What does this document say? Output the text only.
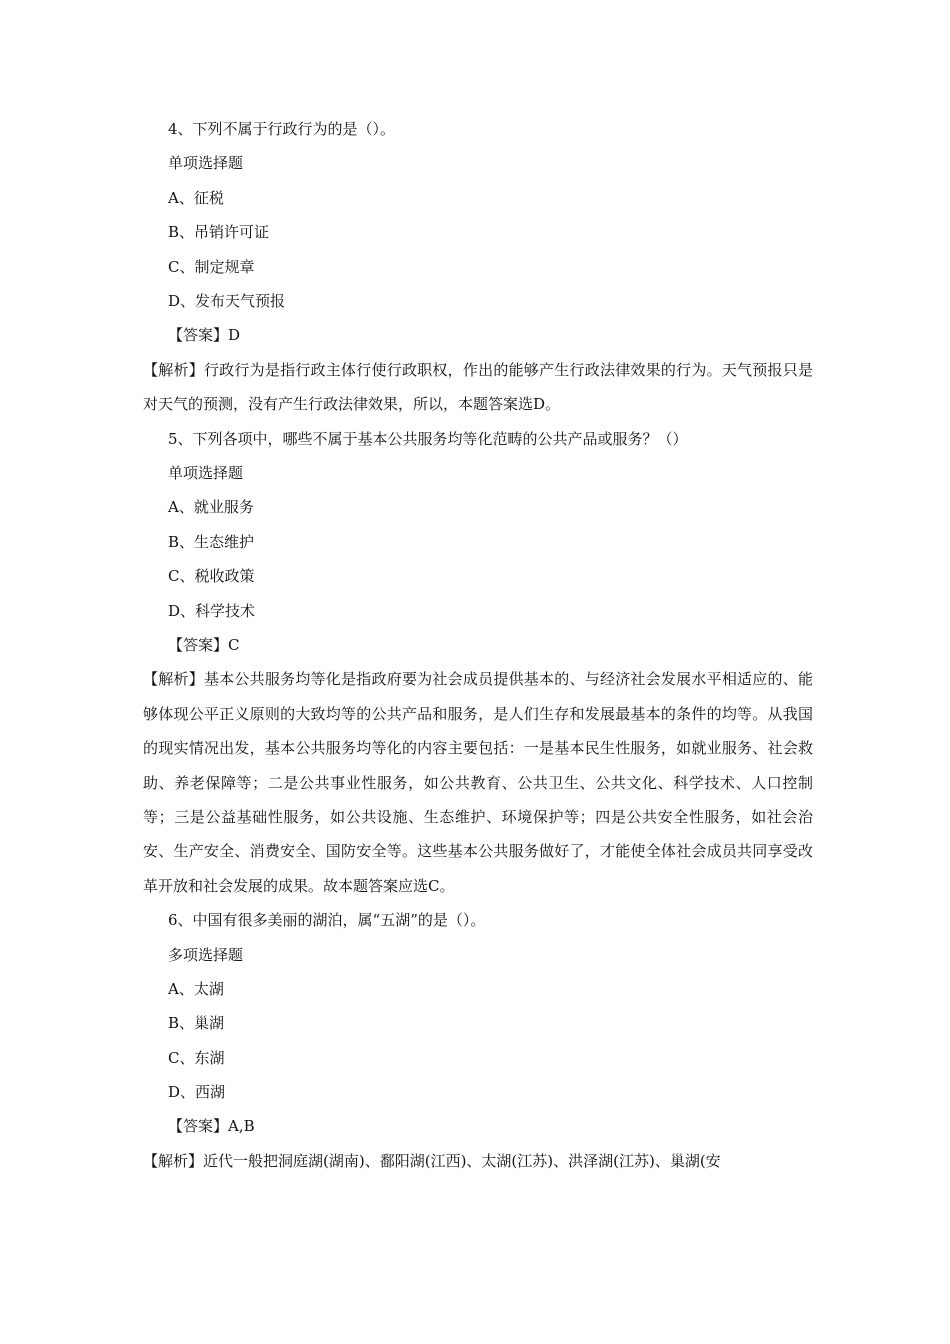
4、下列不属于行政行为的是（）。
单项选择题
A、征税
B、吊销许可证
C、制定规章
D、发布天气预报
【答案】D
【解析】行政行为是指行政主体行使行政职权，作出的能够产生行政法律效果的行为。天气预报只是对天气的预测，没有产生行政法律效果，所以，本题答案选D。
5、下列各项中，哪些不属于基本公共服务均等化范畴的公共产品或服务？（）
单项选择题
A、就业服务
B、生态维护
C、税收政策
D、科学技术
【答案】C
【解析】基本公共服务均等化是指政府要为社会成员提供基本的、与经济社会发展水平相适应的、能够体现公平正义原则的大致均等的公共产品和服务，是人们生存和发展最基本的条件的均等。从我国的现实情况出发，基本公共服务均等化的内容主要包括：一是基本民生性服务，如就业服务、社会救助、养老保障等；二是公共事业性服务，如公共教育、公共卫生、公共文化、科学技术、人口控制等；三是公益基础性服务，如公共设施、生态维护、环境保护等；四是公共安全性服务，如社会治安、生产安全、消费安全、国防安全等。这些基本公共服务做好了，才能使全体社会成员共同享受改革开放和社会发展的成果。故本题答案应选C。
6、中国有很多美丽的湖泊，属“五湖”的是（）。
多项选择题
A、太湖
B、巢湖
C、东湖
D、西湖
【答案】A,B
【解析】近代一般把洞庭湖(湖南)、鄱阳湖(江西)、太湖(江苏)、洪泽湖(江苏)、巢湖(安
